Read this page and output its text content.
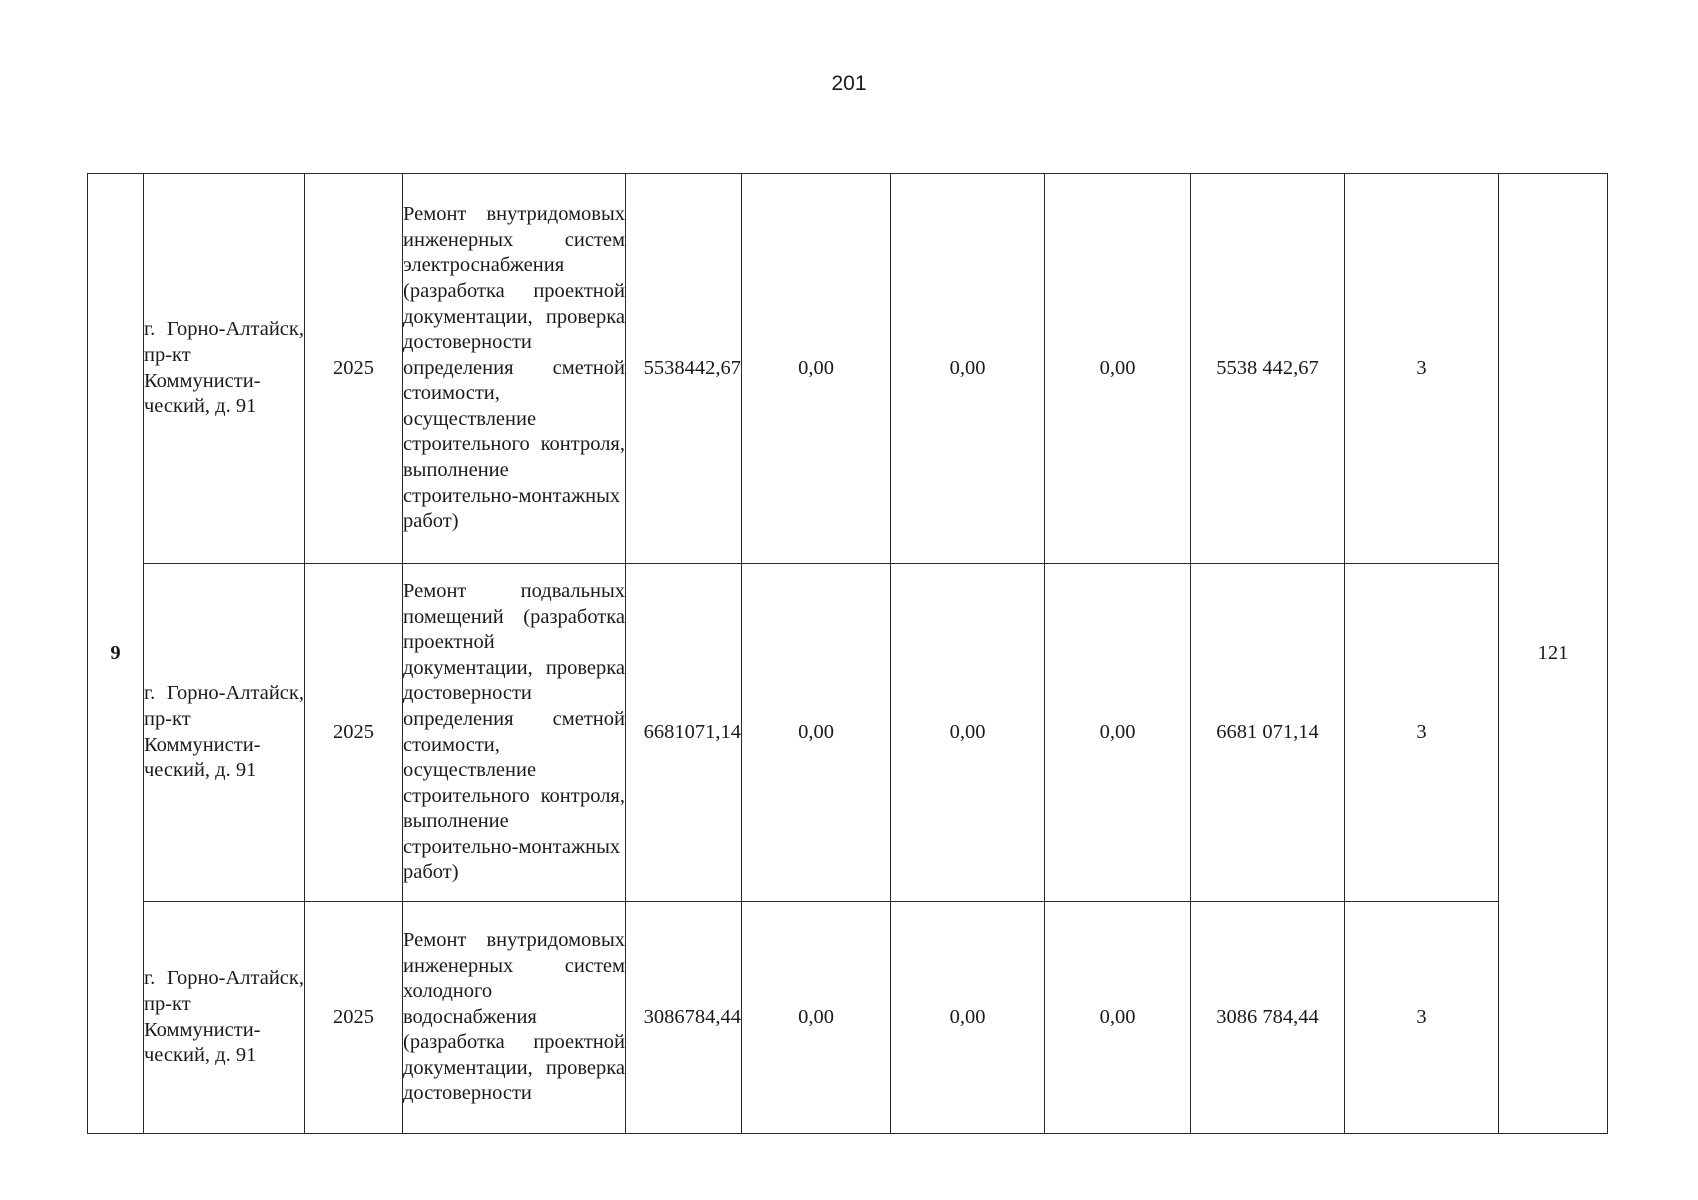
201
9	г. Горно-Алтайск, пр-кт Коммунисти-ческий, д. 91	2025	Ремонт внутридомовых инженерных систем электроснабжения (разработка проектной документации, проверка достоверности определения сметной стоимости, осуществление строительного контроля, выполнение строительно-монтажных работ)	5538442,67	0,00	0,00	0,00	5538 442,67	3	121

	г. Горно-Алтайск, пр-кт Коммунисти-ческий, д. 91	2025	Ремонт подвальных помещений (разработка проектной документации, проверка достоверности определения сметной стоимости, осуществление строительного контроля, выполнение строительно-монтажных работ)	6681071,14	0,00	0,00	0,00	6681 071,14	3	

	г. Горно-Алтайск, пр-кт Коммунисти-ческий, д. 91	2025	Ремонт внутридомовых инженерных систем холодного водоснабжения (разработка проектной документации, проверка достоверности	3086784,44	0,00	0,00	0,00	3086 784,44	3	
